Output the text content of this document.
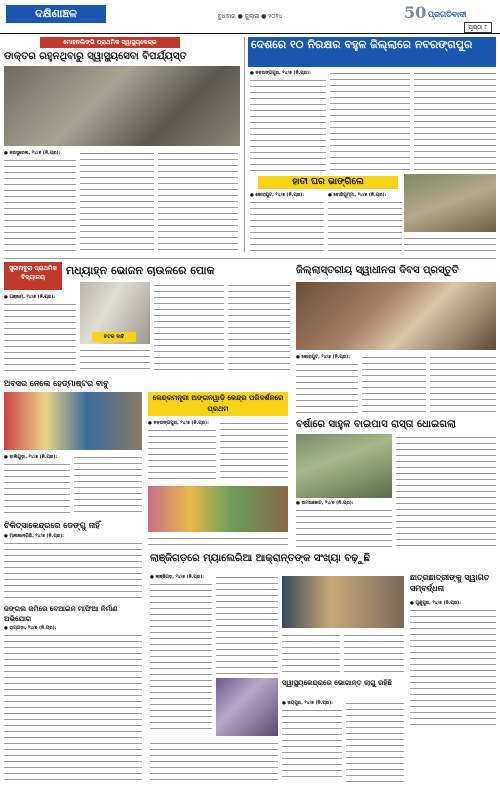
ଦକ୍ଷିଣାଞ୍ଚଳ	ବୁଧବାର ● ଜୁଲାଇ ● ୨୦୨୪	50 ପ୍ରଗତିବାଦୀ
ପୃଷ୍ଠା ୮
ମୋହନଲିଙ୍ଗି ପ୍ରାଥମିକ ସ୍ୱାସ୍ଥ୍ୟକେନ୍ଦ୍ର
ଡାକ୍ତର ରହୁନଥିବାରୁ ସ୍ୱାସ୍ଥ୍ୟସେବା ବିପର୍ଯ୍ୟସ୍ତ
● ନରସୁରେଲ, ୨୪/୭ (ନି.ପ୍ର):
ଦେଶରେ ୧୦ ନିରକ୍ଷର ବହୁଳ ଜିଲ୍ଲାରେ ନବରଙ୍ଗପୁର
● ନବରଙ୍ଗପୁର, ୨୪/୭ (ନି.ପ୍ର):
ହାତୀ ଘର ଭାଙ୍ଗିଲେ
● କୋରାପୁଟ, ୨୪/୭ (ନି.ପ୍ର):	● ବୋରିଗୁମ୍ମା, ୨୪/୭ (ନି.ପ୍ର):
ସୁଜାନାବୁରା ପ୍ରାଥମିକ ବିଦ୍ୟାଳୟ
ମଧ୍ୟାହ୍ନ ଭୋଜନ ଚାଉଳରେ ପୋକ
● ଗଞ୍ଜାମ, ୨୪/୭ (ନି.ପ୍ର):
ଚଟକ ଦାବି
ଜିଲ୍ଲାସ୍ତରୀୟ ସ୍ୱାଧୀନତା ଦିବସ ପ୍ରସ୍ତୁତି
● କୋରାପୁଟ, ୨୪/୭ (ନି.ପ୍ର):
ଅବସର ନେଲେ ହେଡ୍‌ମାଷ୍ଟର ବାବୁ
● ବାଲିଗୁଡ଼ା, ୨୪/୭ (ନି.ପ୍ର):
କେନ୍ଦ୍ରମନ୍ତ୍ରୀ ଅଙ୍ଗନୱାଡ଼ି କେନ୍ଦ୍ର ପରିଦର୍ଶନରେ ପ୍ରଥମ
● ନବରଙ୍ଗପୁର, ୨୪/୭ (ନି.ପ୍ର):	ବର୍ଷାରେ ସାହୁଳ ବାଇପାସ ରାସ୍ତା ଧୋଇଗଲା
● ଉମରକୋଟ, ୨୪/୭ (ନି.ପ୍ର):
ଚିକିତ୍ସାକେନ୍ଦ୍ରରେ ଡେଙ୍ଗୁ ନାହିଁ
● ମାଲକାନଗିରି, ୨୪/୭ (ନି.ପ୍ର):
ଛାତ୍ରଛାତ୍ରୀଙ୍କୁ ସ୍ୱାଗତ ସମ୍ବର୍ଦ୍ଧନା
● ଗୁଣୁପୁର, ୨୪/୭ (ନି.ପ୍ର):
ଲାଞ୍ଜିଗଡ଼ରେ ମ୍ୟାଲେରିଆ ଆକ୍ରାନ୍ତଙ୍କ ସଂଖ୍ୟା ବଢ଼ୁଛି
● ଲାଞ୍ଜିଗଡ଼, ୨୪/୭ (ନି.ପ୍ର):
ଜଙ୍ଗଲ ଜମିରେ ବେଆଇନ ମାଫିଆ ନିର୍ମାଣ ଅଭିଯୋଗ
● ରାୟଗଡ଼ା, ୨୪/୭ (ନି.ପ୍ର):
ସ୍ୱାସ୍ଥ୍ୟକେନ୍ଦ୍ରରେ ଭୋଗାନ୍ତ ଲାଗୁ ରହିଛି
● ଜୟପୁର, ୨୪/୭ (ନି.ପ୍ର):
